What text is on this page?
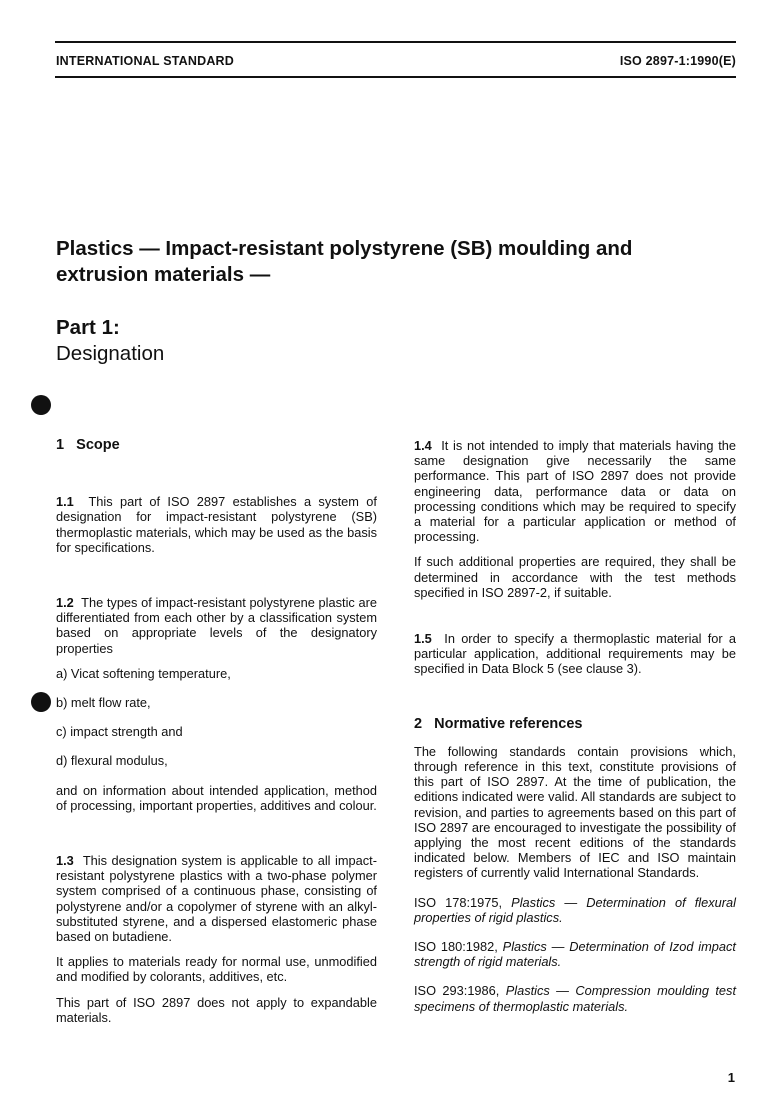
INTERNATIONAL STANDARD	ISO 2897-1:1990(E)
Plastics — Impact-resistant polystyrene (SB) moulding and extrusion materials —
Part 1:
Designation
1 Scope

1.1 This part of ISO 2897 establishes a system of designation for impact-resistant polystyrene (SB) thermoplastic materials, which may be used as the basis for specifications.

1.2 The types of impact-resistant polystyrene plastic are differentiated from each other by a classification system based on appropriate levels of the designatory properties

a) Vicat softening temperature,

b) melt flow rate,

c) impact strength and

d) flexural modulus,

and on information about intended application, method of processing, important properties, additives and colour.

1.3 This designation system is applicable to all impact-resistant polystyrene plastics with a two-phase polymer system comprised of a continuous phase, consisting of polystyrene and/or a copolymer of styrene with an alkyl-substituted styrene, and a dispersed elastomeric phase based on butadiene.

It applies to materials ready for normal use, unmodified and modified by colorants, additives, etc.

This part of ISO 2897 does not apply to expandable materials.

1.4 It is not intended to imply that materials having the same designation give necessarily the same performance. This part of ISO 2897 does not provide engineering data, performance data or data on processing conditions which may be required to specify a material for a particular application or method of processing.

If such additional properties are required, they shall be determined in accordance with the test methods specified in ISO 2897-2, if suitable.

1.5 In order to specify a thermoplastic material for a particular application, additional requirements may be specified in Data Block 5 (see clause 3).

2 Normative references

The following standards contain provisions which, through reference in this text, constitute provisions of this part of ISO 2897. At the time of publication, the editions indicated were valid. All standards are subject to revision, and parties to agreements based on this part of ISO 2897 are encouraged to investigate the possibility of applying the most recent editions of the standards indicated below. Members of IEC and ISO maintain registers of currently valid International Standards.

ISO 178:1975, Plastics — Determination of flexural properties of rigid plastics.

ISO 180:1982, Plastics — Determination of Izod impact strength of rigid materials.

ISO 293:1986, Plastics — Compression moulding test specimens of thermoplastic materials.

1
